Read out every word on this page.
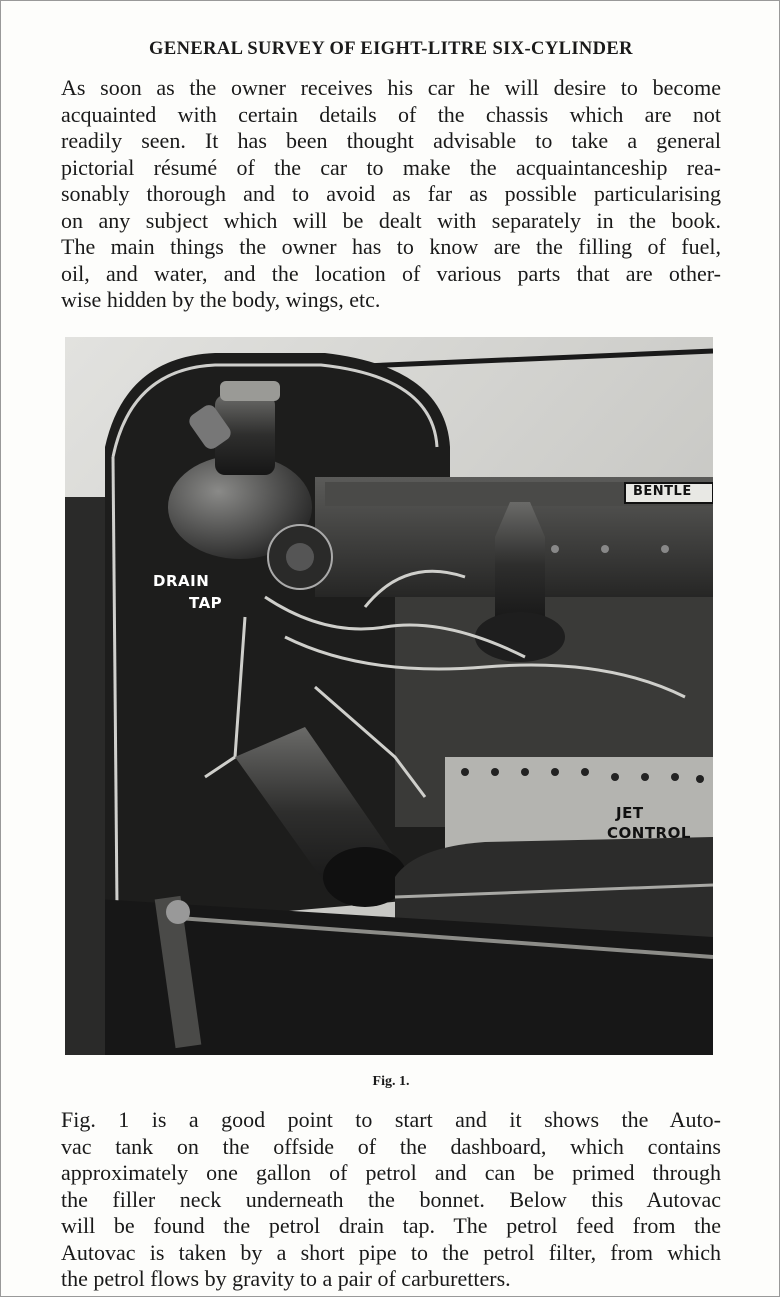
GENERAL SURVEY OF EIGHT-LITRE SIX-CYLINDER
As soon as the owner receives his car he will desire to become
acquainted with certain details of the chassis which are not
readily seen. It has been thought advisable to take a general
pictorial résumé of the car to make the acquaintanceship rea-
sonably thorough and to avoid as far as possible particularising
on any subject which will be dealt with separately in the book.
The main things the owner has to know are the filling of fuel,
oil, and water, and the location of various parts that are other-
wise hidden by the body, wings, etc.
DRAIN
TAP
JET
CONTROL
BENTLE
Fig. 1.
Fig. 1 is a good point to start and it shows the Auto-
vac tank on the offside of the dashboard, which contains
approximately one gallon of petrol and can be primed through
the filler neck underneath the bonnet. Below this Autovac
will be found the petrol drain tap. The petrol feed from the
Autovac is taken by a short pipe to the petrol filter, from which
the petrol flows by gravity to a pair of carburetters.
